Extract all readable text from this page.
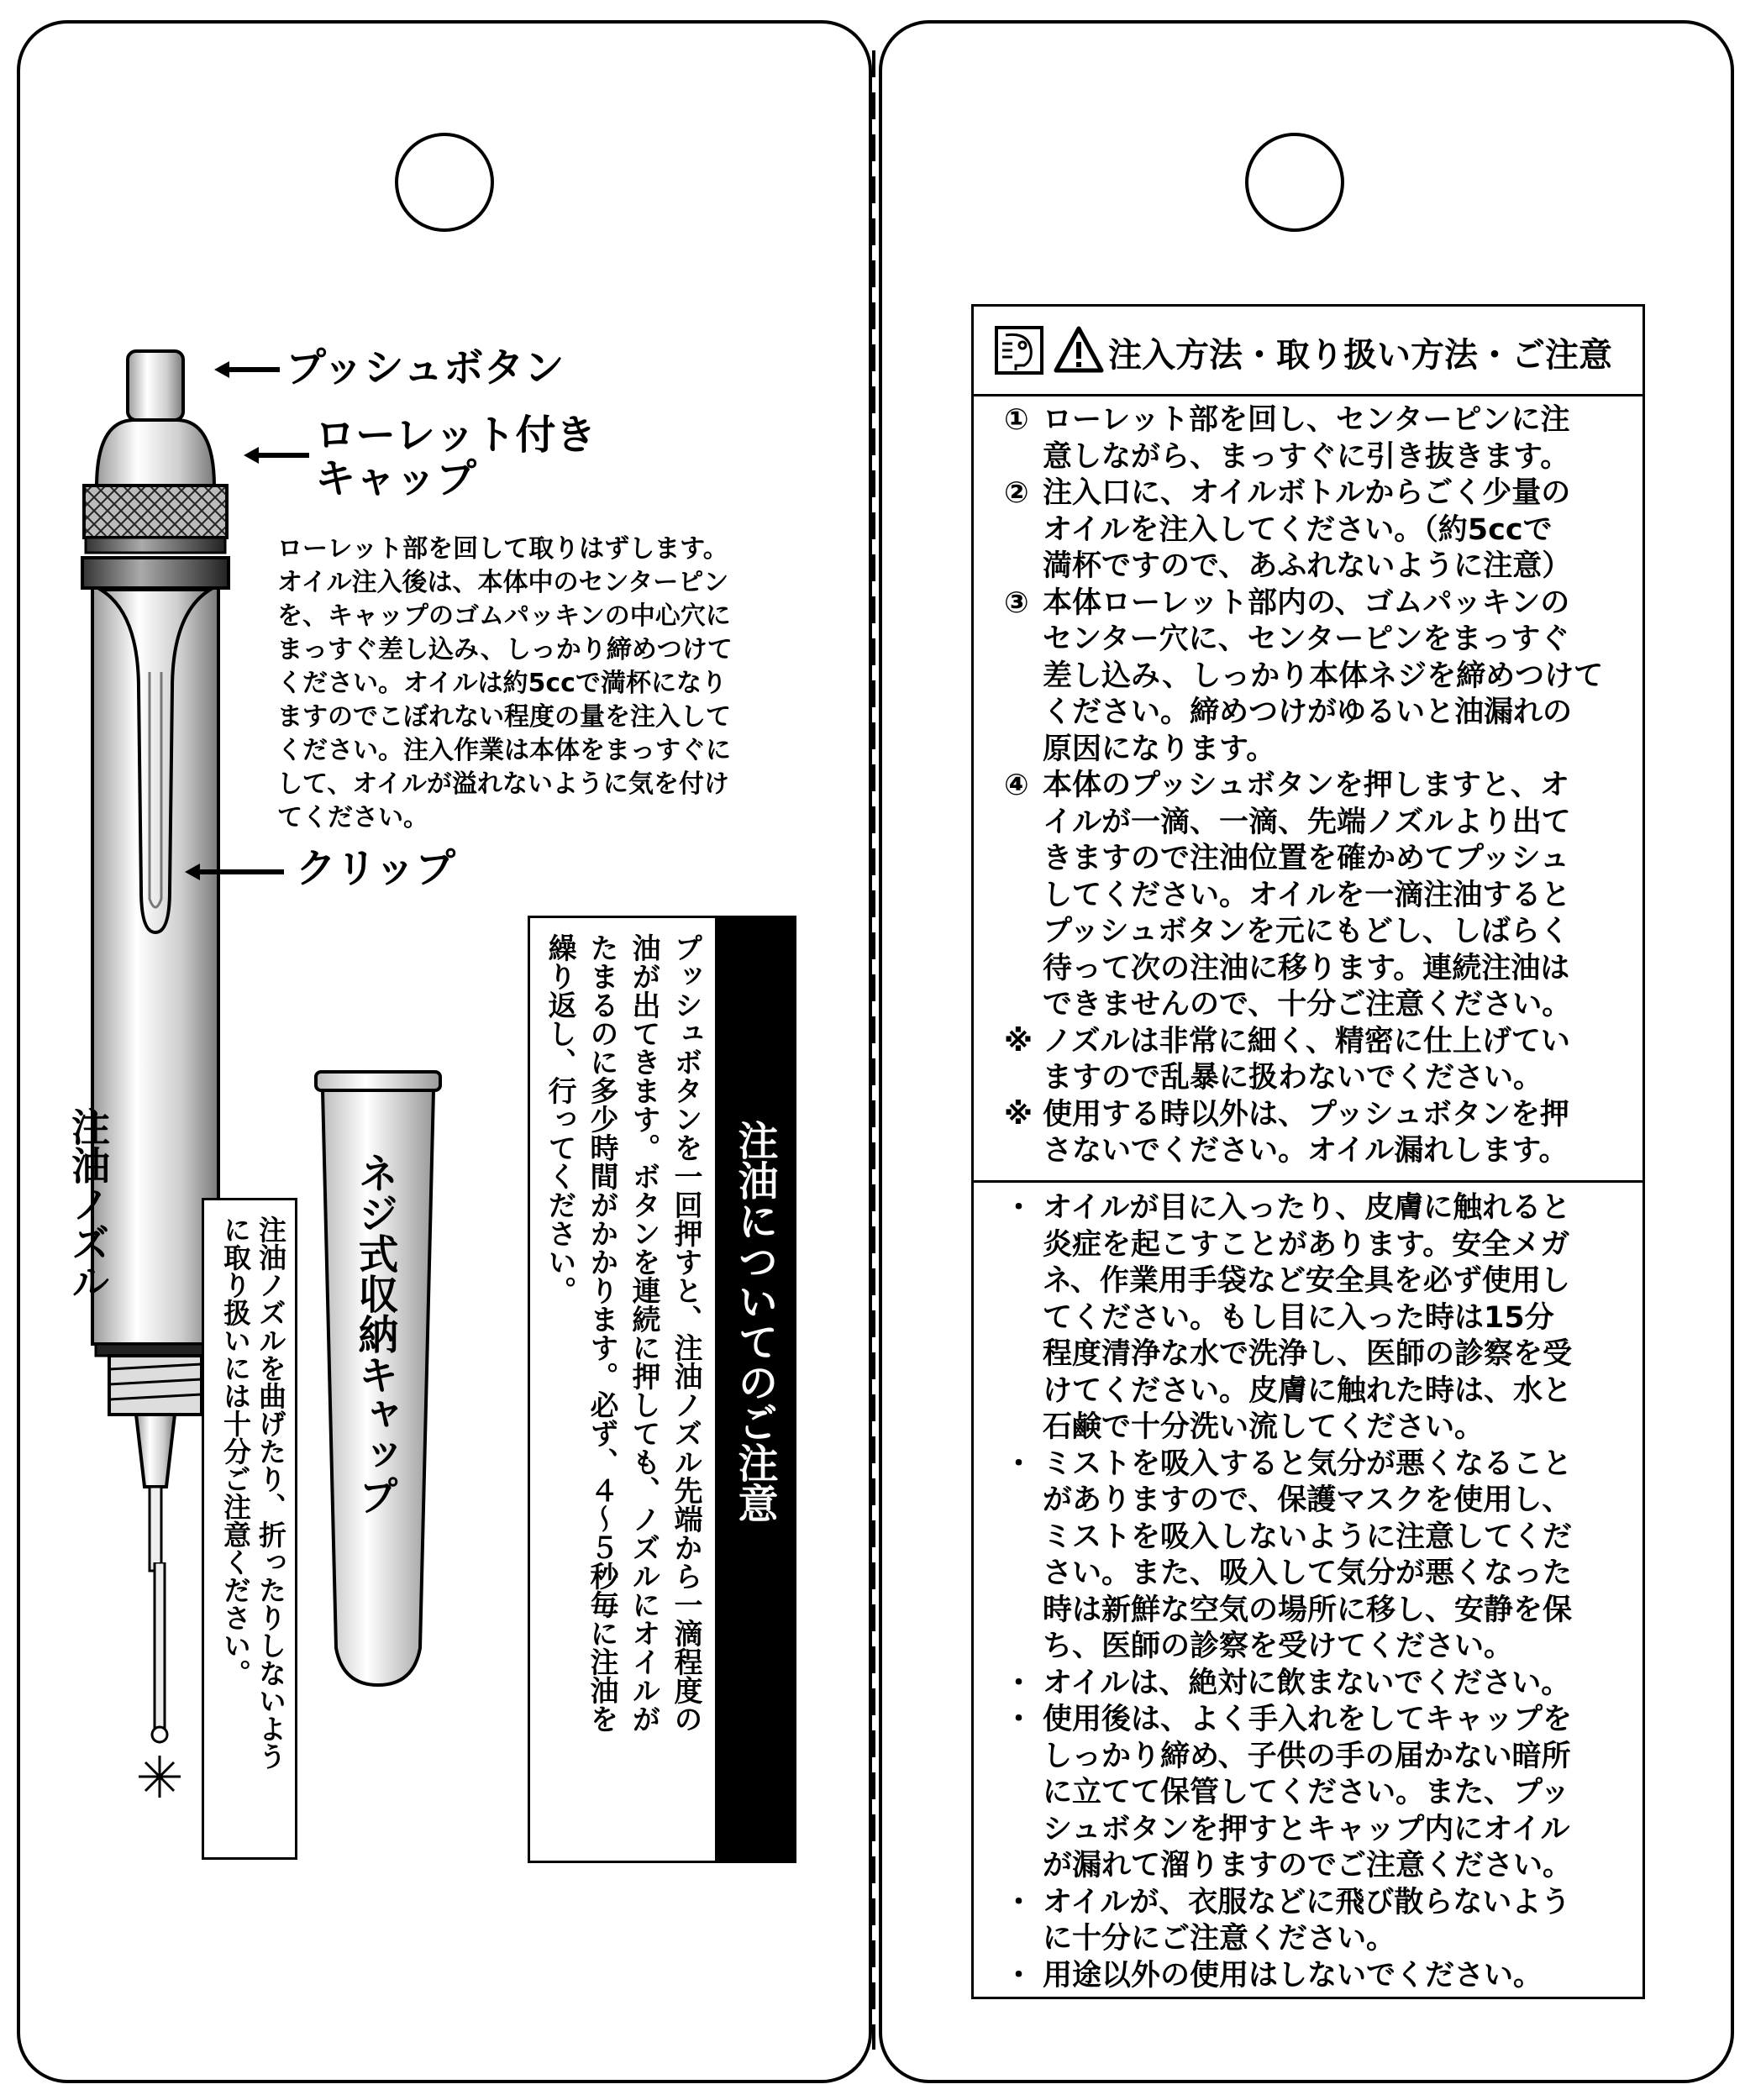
プッシュボタン
ローレット付き
キャップ
クリップ
注油ノズル	ネジ式収納キャップ
ローレット部を回して取りはずします。
オイル注入後は、本体中のセンターピン
を、キャップのゴムパッキンの中心穴に
まっすぐ差し込み、しっかり締めつけて
ください。オイルは約5ccで満杯になり
ますのでこぼれない程度の量を注入して
ください。注入作業は本体をまっすぐに
して、オイルが溢れないように気を付け
てください。
注油ノズルを曲げたり、折ったりしないよう
に取り扱いには十分ご注意ください。	注油についてのご注意
プッシュボタンを一回押すと、注油ノズル先端から一滴程度の
油が出てきます。ボタンを連続に押しても、ノズルにオイルが
たまるのに多少時間がかかります。必ず、４〜５秒毎に注油を
繰り返し、行ってください。
注入方法・取り扱い方法・ご注意
① ローレット部を回し、センターピンに注
意しながら、まっすぐに引き抜きます。
② 注入口に、オイルボトルからごく少量の
オイルを注入してください。（約5ccで
満杯ですので、あふれないように注意）
③ 本体ローレット部内の、ゴムパッキンの
センター穴に、センターピンをまっすぐ
差し込み、しっかり本体ネジを締めつけて
ください。締めつけがゆるいと油漏れの
原因になります。
④ 本体のプッシュボタンを押しますと、オ
イルが一滴、一滴、先端ノズルより出て
きますので注油位置を確かめてプッシュ
してください。オイルを一滴注油すると
プッシュボタンを元にもどし、しばらく
待って次の注油に移ります。連続注油は
できませんので、十分ご注意ください。
※ ノズルは非常に細く、精密に仕上げてい
ますので乱暴に扱わないでください。
※ 使用する時以外は、プッシュボタンを押
さないでください。オイル漏れします。
・ オイルが目に入ったり、皮膚に触れると
炎症を起こすことがあります。安全メガ
ネ、作業用手袋など安全具を必ず使用し
てください。もし目に入った時は15分
程度清浄な水で洗浄し、医師の診察を受
けてください。皮膚に触れた時は、水と
石鹸で十分洗い流してください。
・ ミストを吸入すると気分が悪くなること
がありますので、保護マスクを使用し、
ミストを吸入しないように注意してくだ
さい。また、吸入して気分が悪くなった
時は新鮮な空気の場所に移し、安静を保
ち、医師の診察を受けてください。
・ オイルは、絶対に飲まないでください。
・ 使用後は、よく手入れをしてキャップを
しっかり締め、子供の手の届かない暗所
に立てて保管してください。また、プッ
シュボタンを押すとキャップ内にオイル
が漏れて溜りますのでご注意ください。
・ オイルが、衣服などに飛び散らないよう
に十分にご注意ください。
・ 用途以外の使用はしないでください。
